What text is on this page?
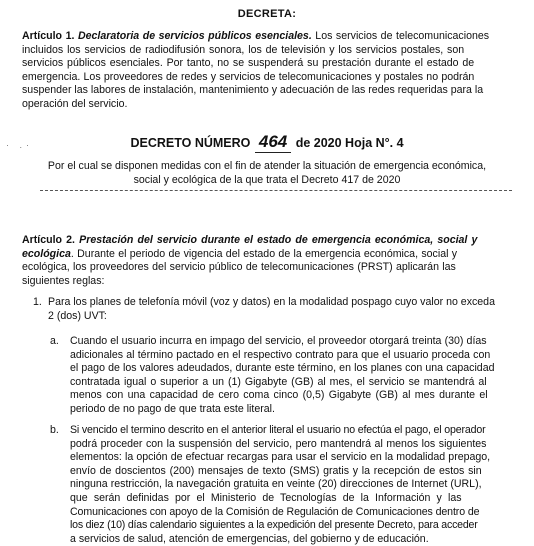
DECRETA:
Artículo 1. Declaratoria de servicios públicos esenciales. Los servicios de telecomunicaciones
incluidos los servicios de radiodifusión sonora, los de televisión y los servicios postales, son
servicios públicos esenciales. Por tanto, no se suspenderá su prestación durante el estado de
emergencia. Los proveedores de redes y servicios de telecomunicaciones y postales no podrán
suspender las labores de instalación, mantenimiento y adecuación de las redes requeridas para la
operación del servicio.
· .·	DECRETO NÚMERO 464 de 2020 Hoja N°. 4
Por el cual se disponen medidas con el fin de atender la situación de emergencia económica,
social y ecológica de la que trata el Decreto 417 de 2020
Artículo 2. Prestación del servicio durante el estado de emergencia económica, social y
ecológica. Durante el periodo de vigencia del estado de la emergencia económica, social y
ecológica, los proveedores del servicio público de telecomunicaciones (PRST) aplicarán las
siguientes reglas:
1. Para los planes de telefonía móvil (voz y datos) en la modalidad pospago cuyo valor no exceda
2 (dos) UVT:
a. Cuando el usuario incurra en impago del servicio, el proveedor otorgará treinta (30) días
adicionales al término pactado en el respectivo contrato para que el usuario proceda con
el pago de los valores adeudados, durante este término, en los planes con una capacidad
contratada igual o superior a un (1) Gigabyte (GB) al mes, el servicio se mantendrá al
menos con una capacidad de cero coma cinco (0,5) Gigabyte (GB) al mes durante el
periodo de no pago de que trata este literal.
b. Si vencido el termino descrito en el anterior literal el usuario no efectúa el pago, el operador
podrá proceder con la suspensión del servicio, pero mantendrá al menos los siguientes
elementos: la opción de efectuar recargas para usar el servicio en la modalidad prepago,
envío de doscientos (200) mensajes de texto (SMS) gratis y la recepción de estos sin
ninguna restricción, la navegación gratuita en veinte (20) direcciones de Internet (URL),
que serán definidas por el Ministerio de Tecnologías de la Información y las
Comunicaciones con apoyo de la Comisión de Regulación de Comunicaciones dentro de
los diez (10) días calendario siguientes a la expedición del presente Decreto, para acceder
a servicios de salud, atención de emergencias, del gobierno y de educación.
